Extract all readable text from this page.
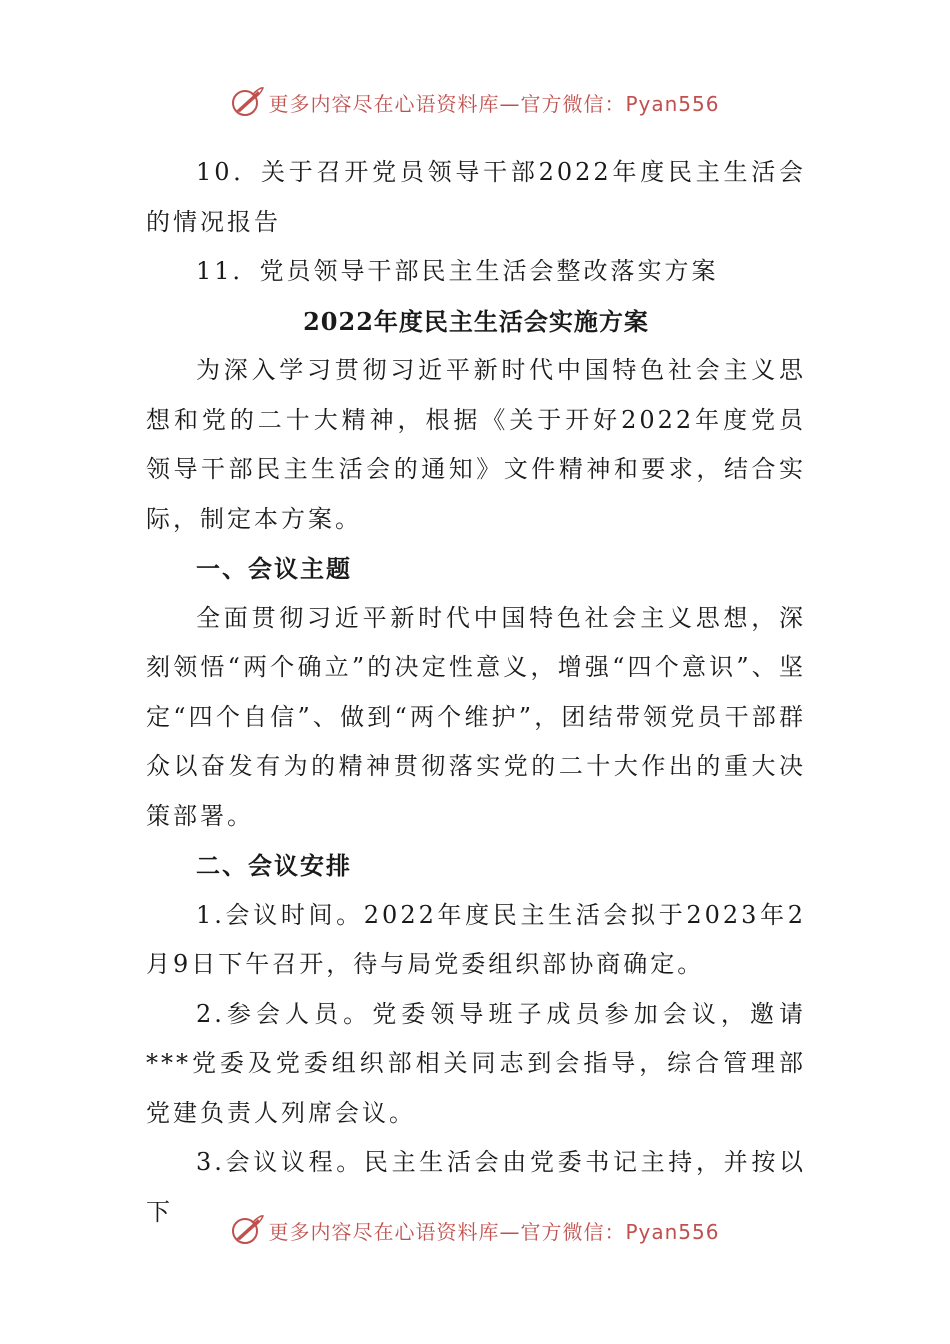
更多内容尽在心语资料库—官方微信：Pyan556

10．关于召开党员领导干部2022年度民主生活会的情况报告

11．党员领导干部民主生活会整改落实方案

2022年度民主生活会实施方案

为深入学习贯彻习近平新时代中国特色社会主义思想和党的二十大精神，根据《关于开好2022年度党员领导干部民主生活会的通知》文件精神和要求，结合实际，制定本方案。

一、会议主题

全面贯彻习近平新时代中国特色社会主义思想，深刻领悟“两个确立”的决定性意义，增强“四个意识”、坚定“四个自信”、做到“两个维护”，团结带领党员干部群众以奋发有为的精神贯彻落实党的二十大作出的重大决策部署。

二、会议安排

1.会议时间。2022年度民主生活会拟于2023年2月9日下午召开，待与局党委组织部协商确定。

2.参会人员。党委领导班子成员参加会议，邀请***党委及党委组织部相关同志到会指导，综合管理部党建负责人列席会议。

3.会议议程。民主生活会由党委书记主持，并按以下

更多内容尽在心语资料库—官方微信：Pyan556
